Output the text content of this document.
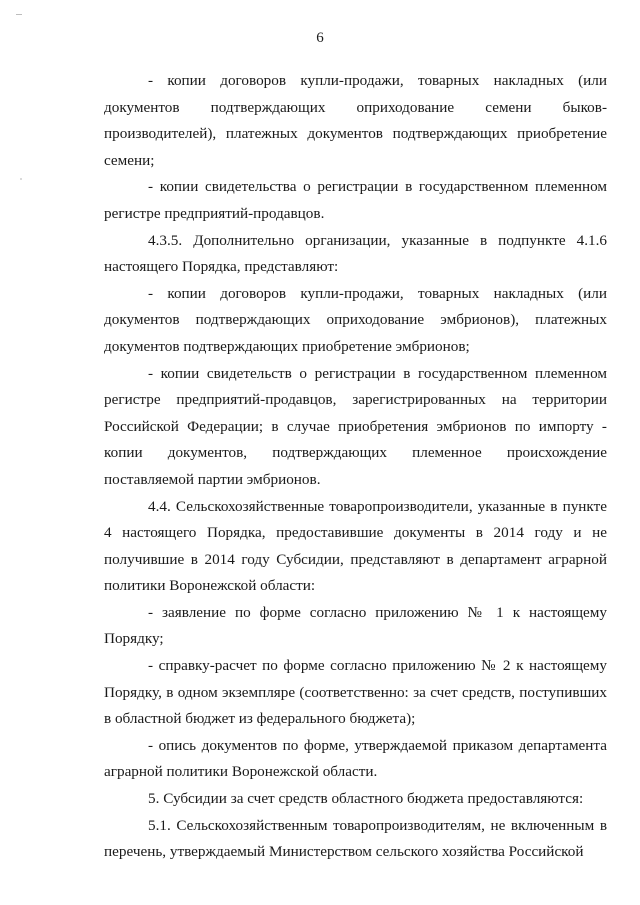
6

- копии договоров купли-продажи, товарных накладных (или документов подтверждающих оприходование семени быков-производителей), платежных документов подтверждающих приобретение семени;

- копии свидетельства о регистрации в государственном племенном регистре предприятий-продавцов.

4.3.5. Дополнительно организации, указанные в подпункте 4.1.6 настоящего Порядка, представляют:

- копии договоров купли-продажи, товарных накладных (или документов подтверждающих оприходование эмбрионов), платежных документов подтверждающих приобретение эмбрионов;

- копии свидетельств о регистрации в государственном племенном регистре предприятий-продавцов, зарегистрированных на территории Российской Федерации; в случае приобретения эмбрионов по импорту - копии документов, подтверждающих племенное происхождение поставляемой партии эмбрионов.

4.4. Сельскохозяйственные товаропроизводители, указанные в пункте 4 настоящего Порядка, предоставившие документы в 2014 году и не получившие в 2014 году Субсидии, представляют в департамент аграрной политики Воронежской области:

- заявление по форме согласно приложению № 1 к настоящему Порядку;

- справку-расчет по форме согласно приложению № 2 к настоящему Порядку, в одном экземпляре (соответственно: за счет средств, поступивших в областной бюджет из федерального бюджета);

- опись документов по форме, утверждаемой приказом департамента аграрной политики Воронежской области.

5. Субсидии за счет средств областного бюджета предоставляются:

5.1. Сельскохозяйственным товаропроизводителям, не включенным в перечень, утверждаемый Министерством сельского хозяйства Российской
